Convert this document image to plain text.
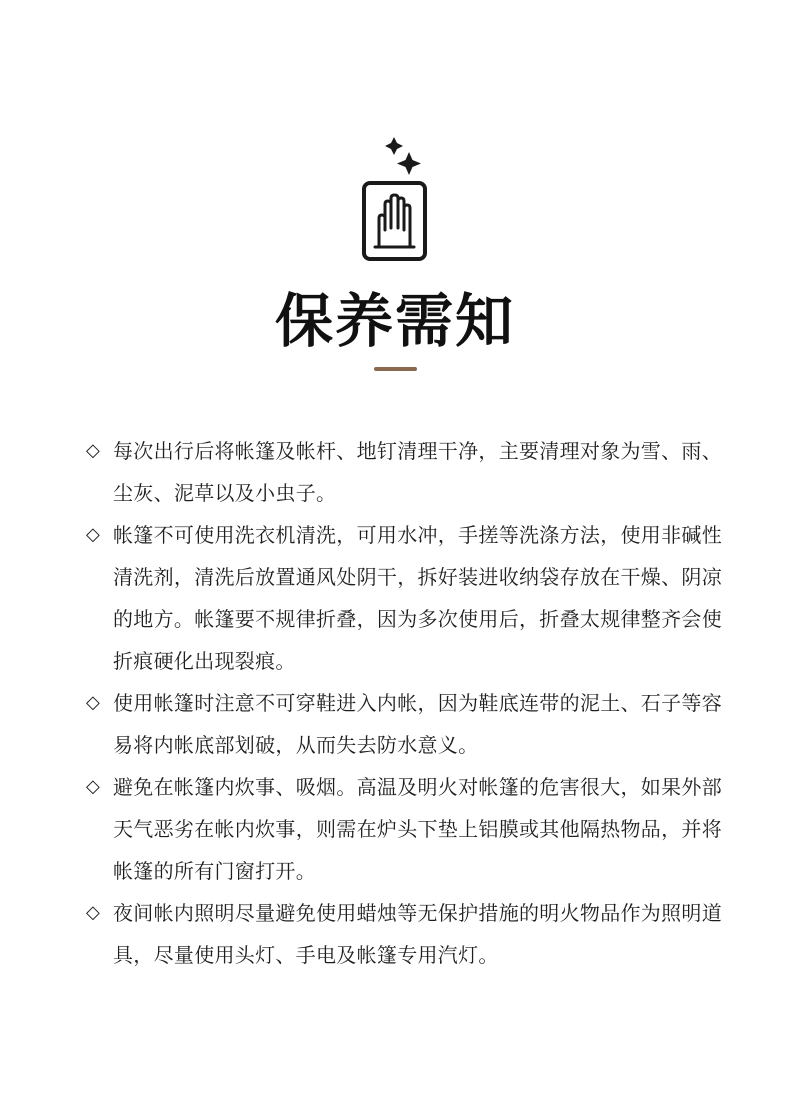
保养需知
◇ 每次出行后将帐篷及帐杆、地钉清理干净，主要清理对象为雪、雨、尘灰、泥草以及小虫子。
◇ 帐篷不可使用洗衣机清洗，可用水冲，手搓等洗涤方法，使用非碱性清洗剂，清洗后放置通风处阴干，拆好装进收纳袋存放在干燥、阴凉的地方。帐篷要不规律折叠，因为多次使用后，折叠太规律整齐会使折痕硬化出现裂痕。
◇ 使用帐篷时注意不可穿鞋进入内帐，因为鞋底连带的泥土、石子等容易将内帐底部划破，从而失去防水意义。
◇ 避免在帐篷内炊事、吸烟。高温及明火对帐篷的危害很大，如果外部天气恶劣在帐内炊事，则需在炉头下垫上铝膜或其他隔热物品，并将帐篷的所有门窗打开。
◇ 夜间帐内照明尽量避免使用蜡烛等无保护措施的明火物品作为照明道具，尽量使用头灯、手电及帐篷专用汽灯。
